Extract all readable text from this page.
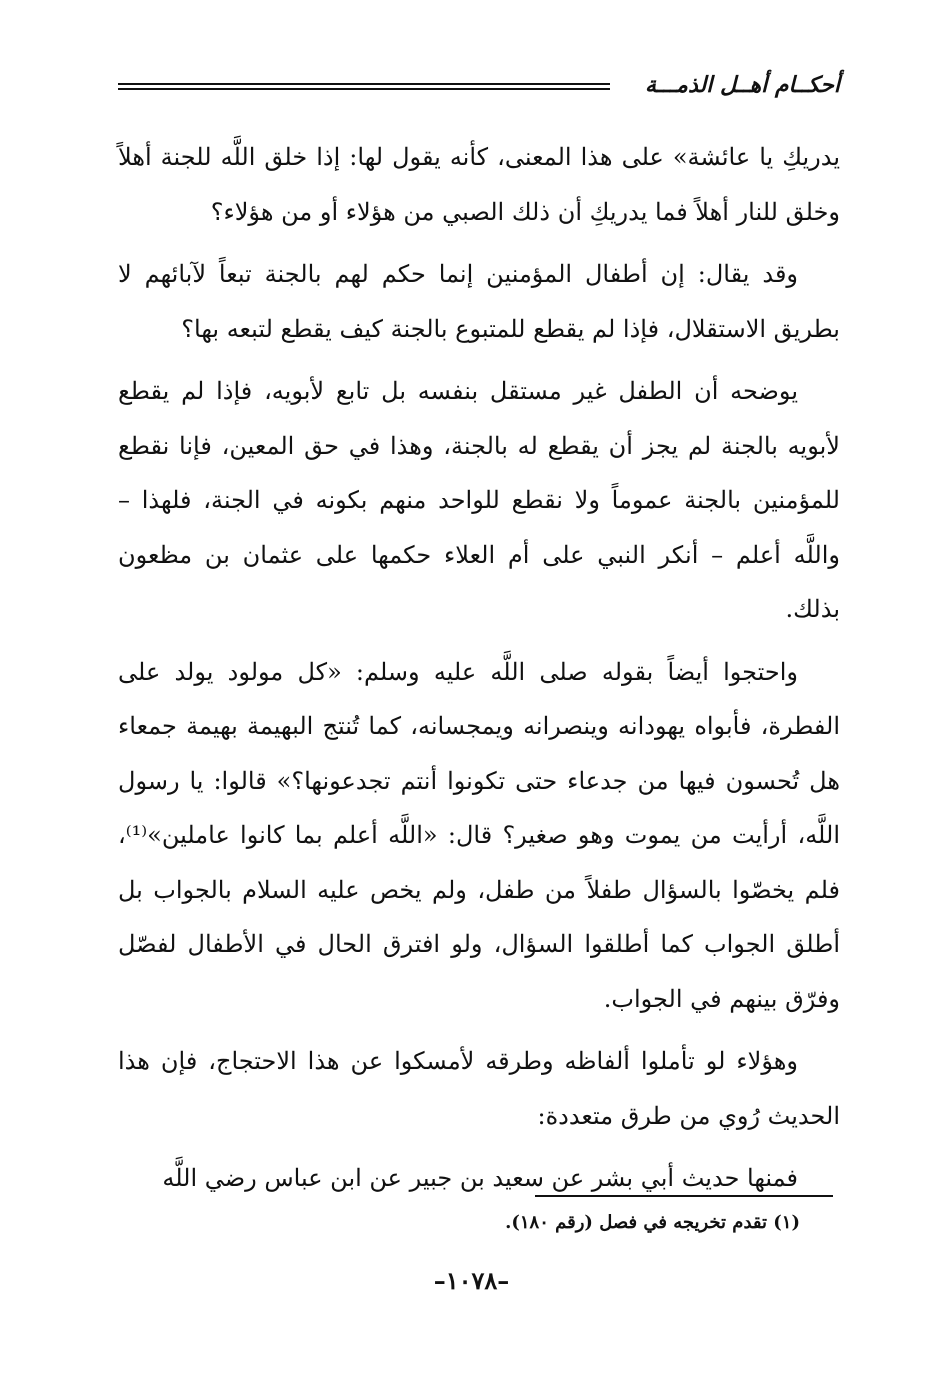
أحكــام أهــل الذمـــة

يدريكِ يا عائشة» على هذا المعنى، كأنه يقول لها: إذا خلق اللَّه للجنة أهلاً وخلق للنار أهلاً فما يدريكِ أن ذلك الصبي من هؤلاء أو من هؤلاء؟

وقد يقال: إن أطفال المؤمنين إنما حكم لهم بالجنة تبعاً لآبائهم لا بطريق الاستقلال، فإذا لم يقطع للمتبوع بالجنة كيف يقطع لتبعه بها؟

يوضحه أن الطفل غير مستقل بنفسه بل تابع لأبويه، فإذا لم يقطع لأبويه بالجنة لم يجز أن يقطع له بالجنة، وهذا في حق المعين، فإنا نقطع للمؤمنين بالجنة عموماً ولا نقطع للواحد منهم بكونه في الجنة، فلهذا – واللَّه أعلم – أنكر النبي على أم العلاء حكمها على عثمان بن مظعون بذلك.

واحتجوا أيضاً بقوله صلى اللَّه عليه وسلم: «كل مولود يولد على الفطرة، فأبواه يهودانه وينصرانه ويمجسانه، كما تُنتج البهيمة بهيمة جمعاء هل تُحسون فيها من جدعاء حتى تكونوا أنتم تجدعونها؟» قالوا: يا رسول اللَّه، أرأيت من يموت وهو صغير؟ قال: «اللَّه أعلم بما كانوا عاملين»⁽¹⁾، فلم يخصّوا بالسؤال طفلاً من طفل، ولم يخص عليه السلام بالجواب بل أطلق الجواب كما أطلقوا السؤال، ولو افترق الحال في الأطفال لفصّل وفرّق بينهم في الجواب.

وهؤلاء لو تأملوا ألفاظه وطرقه لأمسكوا عن هذا الاحتجاج، فإن هذا الحديث رُوي من طرق متعددة:

فمنها حديث أبي بشر عن سعيد بن جبير عن ابن عباس رضي اللَّه

(١) تقدم تخريجه في فصل (رقم ١٨٠).
–١٠٧٨–
